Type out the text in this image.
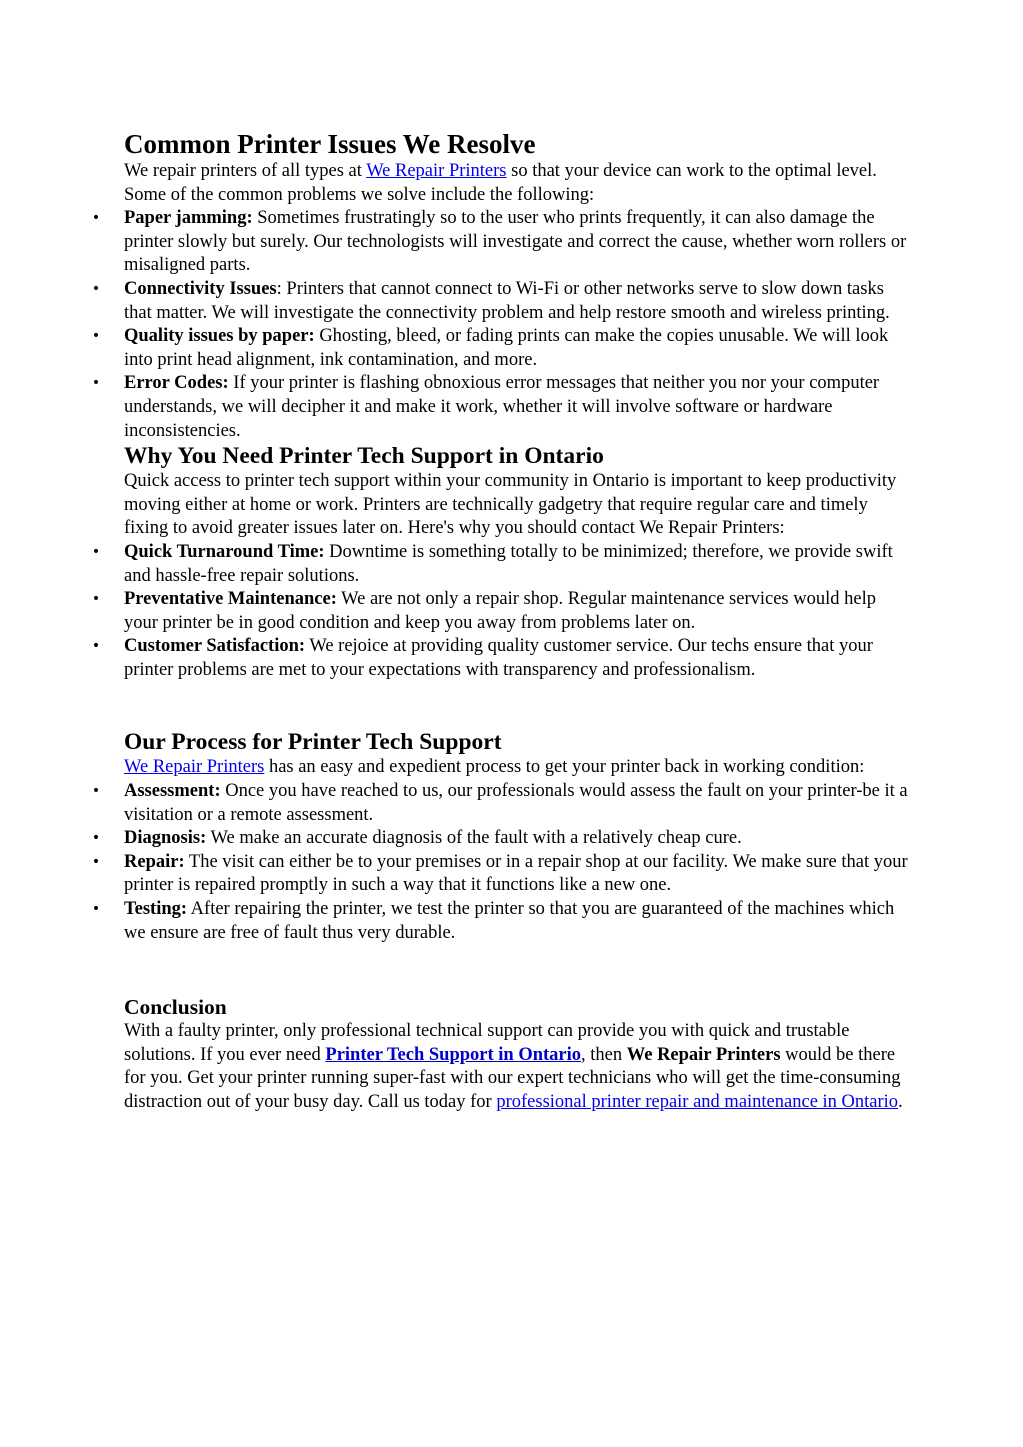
Common Printer Issues We Resolve

We repair printers of all types at We Repair Printers so that your device can work to the optimal level. Some of the common problems we solve include the following:

• Paper jamming: Sometimes frustratingly so to the user who prints frequently, it can also damage the printer slowly but surely. Our technologists will investigate and correct the cause, whether worn rollers or misaligned parts.
• Connectivity Issues: Printers that cannot connect to Wi-Fi or other networks serve to slow down tasks that matter. We will investigate the connectivity problem and help restore smooth and wireless printing.
• Quality issues by paper: Ghosting, bleed, or fading prints can make the copies unusable. We will look into print head alignment, ink contamination, and more.
• Error Codes: If your printer is flashing obnoxious error messages that neither you nor your computer understands, we will decipher it and make it work, whether it will involve software or hardware inconsistencies.
Why You Need Printer Tech Support in Ontario

Quick access to printer tech support within your community in Ontario is important to keep productivity moving either at home or work. Printers are technically gadgetry that require regular care and timely fixing to avoid greater issues later on. Here's why you should contact We Repair Printers:

• Quick Turnaround Time: Downtime is something totally to be minimized; therefore, we provide swift and hassle-free repair solutions.
• Preventative Maintenance: We are not only a repair shop. Regular maintenance services would help your printer be in good condition and keep you away from problems later on.
• Customer Satisfaction: We rejoice at providing quality customer service. Our techs ensure that your printer problems are met to your expectations with transparency and professionalism.
Our Process for Printer Tech Support

We Repair Printers has an easy and expedient process to get your printer back in working condition:

• Assessment: Once you have reached to us, our professionals would assess the fault on your printer-be it a visitation or a remote assessment.
• Diagnosis: We make an accurate diagnosis of the fault with a relatively cheap cure.
• Repair: The visit can either be to your premises or in a repair shop at our facility. We make sure that your printer is repaired promptly in such a way that it functions like a new one.
• Testing: After repairing the printer, we test the printer so that you are guaranteed of the machines which we ensure are free of fault thus very durable.
Conclusion

With a faulty printer, only professional technical support can provide you with quick and trustable solutions. If you ever need Printer Tech Support in Ontario, then We Repair Printers would be there for you. Get your printer running super-fast with our expert technicians who will get the time-consuming distraction out of your busy day. Call us today for professional printer repair and maintenance in Ontario.
